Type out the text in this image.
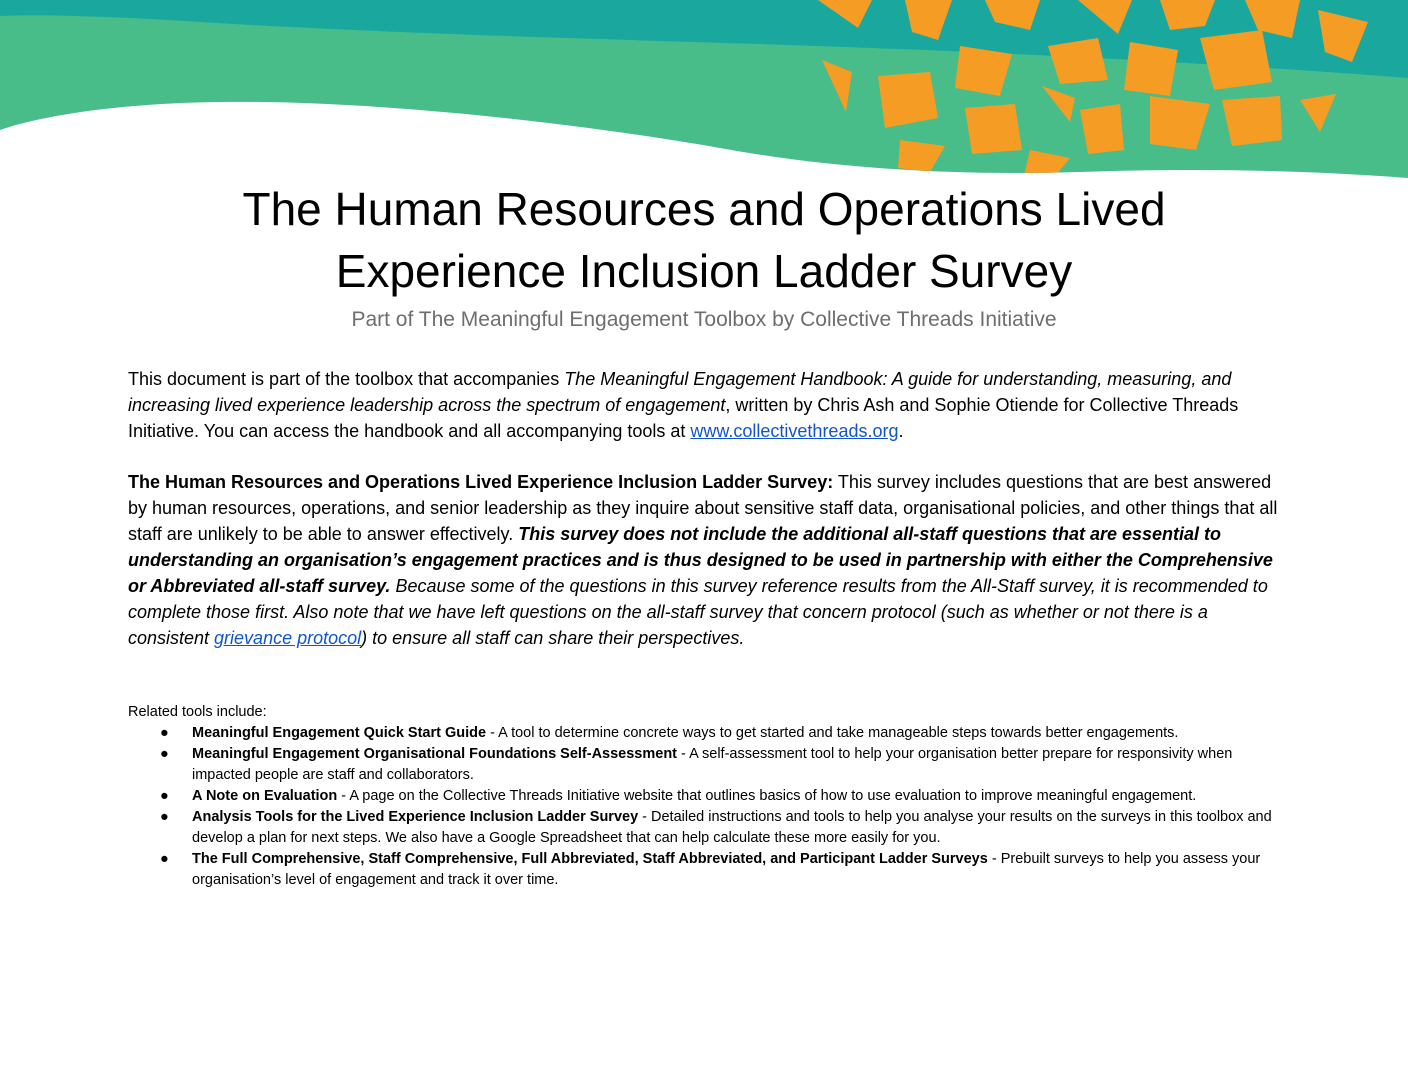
The Human Resources and Operations Lived
Experience Inclusion Ladder Survey
Part of The Meaningful Engagement Toolbox by Collective Threads Initiative

This document is part of the toolbox that accompanies The Meaningful Engagement Handbook: A guide for understanding, measuring, and increasing lived experience leadership across the spectrum of engagement, written by Chris Ash and Sophie Otiende for Collective Threads Initiative. You can access the handbook and all accompanying tools at www.collectivethreads.org.

The Human Resources and Operations Lived Experience Inclusion Ladder Survey: This survey includes questions that are best answered by human resources, operations, and senior leadership as they inquire about sensitive staff data, organisational policies, and other things that all staff are unlikely to be able to answer effectively. This survey does not include the additional all-staff questions that are essential to understanding an organisation’s engagement practices and is thus designed to be used in partnership with either the Comprehensive or Abbreviated all-staff survey. Because some of the questions in this survey reference results from the All-Staff survey, it is recommended to complete those first. Also note that we have left questions on the all-staff survey that concern protocol (such as whether or not there is a consistent grievance protocol) to ensure all staff can share their perspectives.

Related tools include:
● Meaningful Engagement Quick Start Guide - A tool to determine concrete ways to get started and take manageable steps towards better engagements.
● Meaningful Engagement Organisational Foundations Self-Assessment - A self-assessment tool to help your organisation better prepare for responsivity when impacted people are staff and collaborators.
● A Note on Evaluation - A page on the Collective Threads Initiative website that outlines basics of how to use evaluation to improve meaningful engagement.
● Analysis Tools for the Lived Experience Inclusion Ladder Survey - Detailed instructions and tools to help you analyse your results on the surveys in this toolbox and develop a plan for next steps. We also have a Google Spreadsheet that can help calculate these more easily for you.
● The Full Comprehensive, Staff Comprehensive, Full Abbreviated, Staff Abbreviated, and Participant Ladder Surveys - Prebuilt surveys to help you assess your organisation’s level of engagement and track it over time.
